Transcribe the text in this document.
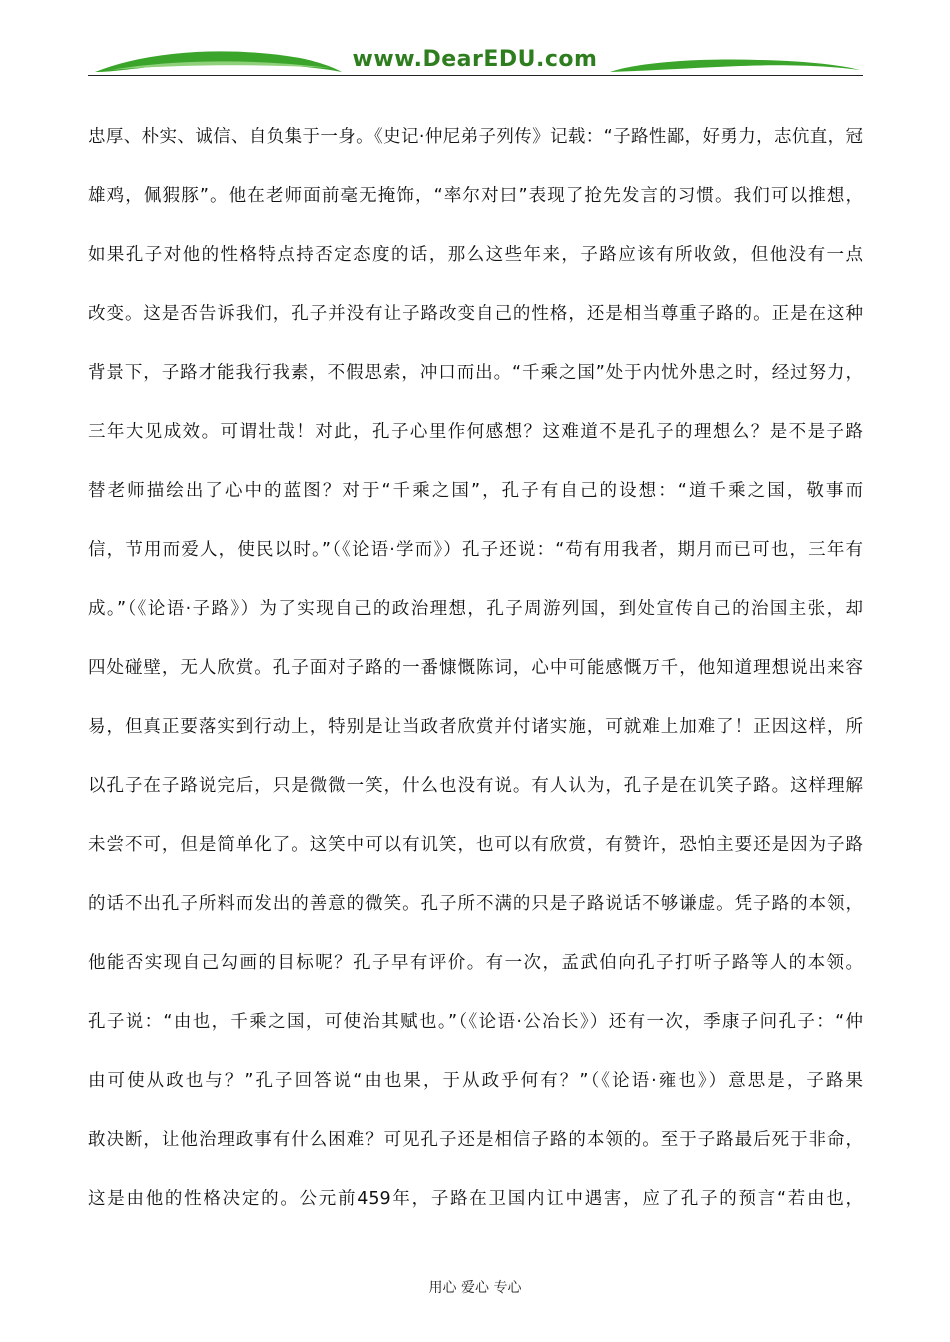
www.DearEDU.com
忠厚、朴实、诚信、自负集于一身。《史记·仲尼弟子列传》记载：“子路性鄙，好勇力，志伉直，冠
雄鸡，佩猳豚”。他在老师面前毫无掩饰，“率尔对曰”表现了抢先发言的习惯。我们可以推想，
如果孔子对他的性格特点持否定态度的话，那么这些年来，子路应该有所收敛，但他没有一点
改变。这是否告诉我们，孔子并没有让子路改变自己的性格，还是相当尊重子路的。正是在这种
背景下，子路才能我行我素，不假思索，冲口而出。“千乘之国”处于内忧外患之时，经过努力，
三年大见成效。可谓壮哉！对此，孔子心里作何感想？这难道不是孔子的理想么？是不是子路
替老师描绘出了心中的蓝图？对于“千乘之国”，孔子有自己的设想：“道千乘之国，敬事而
信，节用而爱人，使民以时。”（《论语·学而》）孔子还说：“苟有用我者，期月而已可也，三年有
成。”（《论语·子路》）为了实现自己的政治理想，孔子周游列国，到处宣传自己的治国主张，却
四处碰壁，无人欣赏。孔子面对子路的一番慷慨陈词，心中可能感慨万千，他知道理想说出来容
易，但真正要落实到行动上，特别是让当政者欣赏并付诸实施，可就难上加难了！正因这样，所
以孔子在子路说完后，只是微微一笑，什么也没有说。有人认为，孔子是在讥笑子路。这样理解
未尝不可，但是简单化了。这笑中可以有讥笑，也可以有欣赏，有赞许，恐怕主要还是因为子路
的话不出孔子所料而发出的善意的微笑。孔子所不满的只是子路说话不够谦虚。凭子路的本领，
他能否实现自己勾画的目标呢？孔子早有评价。有一次，孟武伯向孔子打听子路等人的本领。
孔子说：“由也，千乘之国，可使治其赋也。”（《论语·公冶长》）还有一次，季康子问孔子：“仲
由可使从政也与？”孔子回答说“由也果，于从政乎何有？”（《论语·雍也》）意思是，子路果
敢决断，让他治理政事有什么困难？可见孔子还是相信子路的本领的。至于子路最后死于非命，
这是由他的性格决定的。公元前459年，子路在卫国内讧中遇害，应了孔子的预言“若由也，
用心 爱心 专心
